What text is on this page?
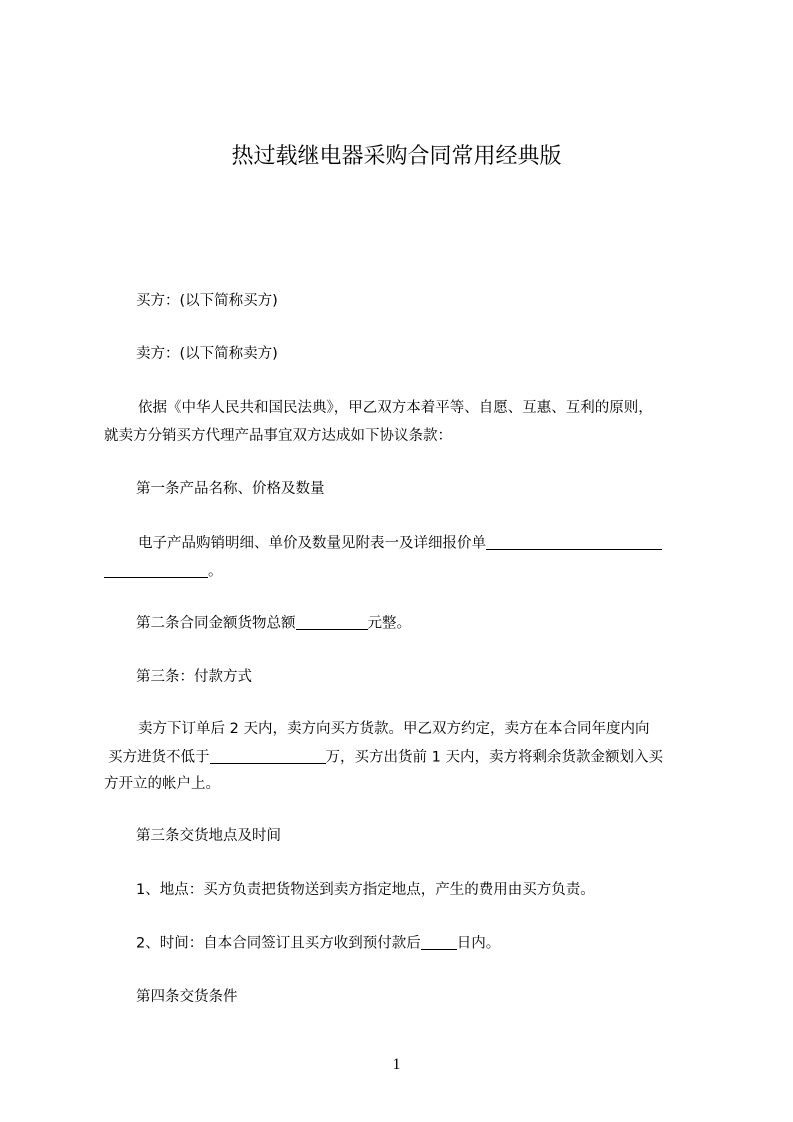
热过载继电器采购合同常用经典版
买方：(以下简称买方)
卖方：(以下简称卖方)
依据《中华人民共和国民法典》，甲乙双方本着平等、自愿、互惠、互利的原则，
就卖方分销买方代理产品事宜双方达成如下协议条款：
第一条产品名称、价格及数量
电子产品购销明细、单价及数量见附表一及详细报价单
。
第二条合同金额货物总额	元整。
第三条：付款方式
卖方下订单后 2 天内，卖方向买方货款。甲乙双方约定，卖方在本合同年度内向
买方进货不低于	万，买方出货前 1 天内，卖方将剩余货款金额划入买
方开立的帐户上。
第三条交货地点及时间
1、地点：买方负责把货物送到卖方指定地点，产生的费用由买方负责。
2、时间：自本合同签订且买方收到预付款后 日内。
第四条交货条件
1
